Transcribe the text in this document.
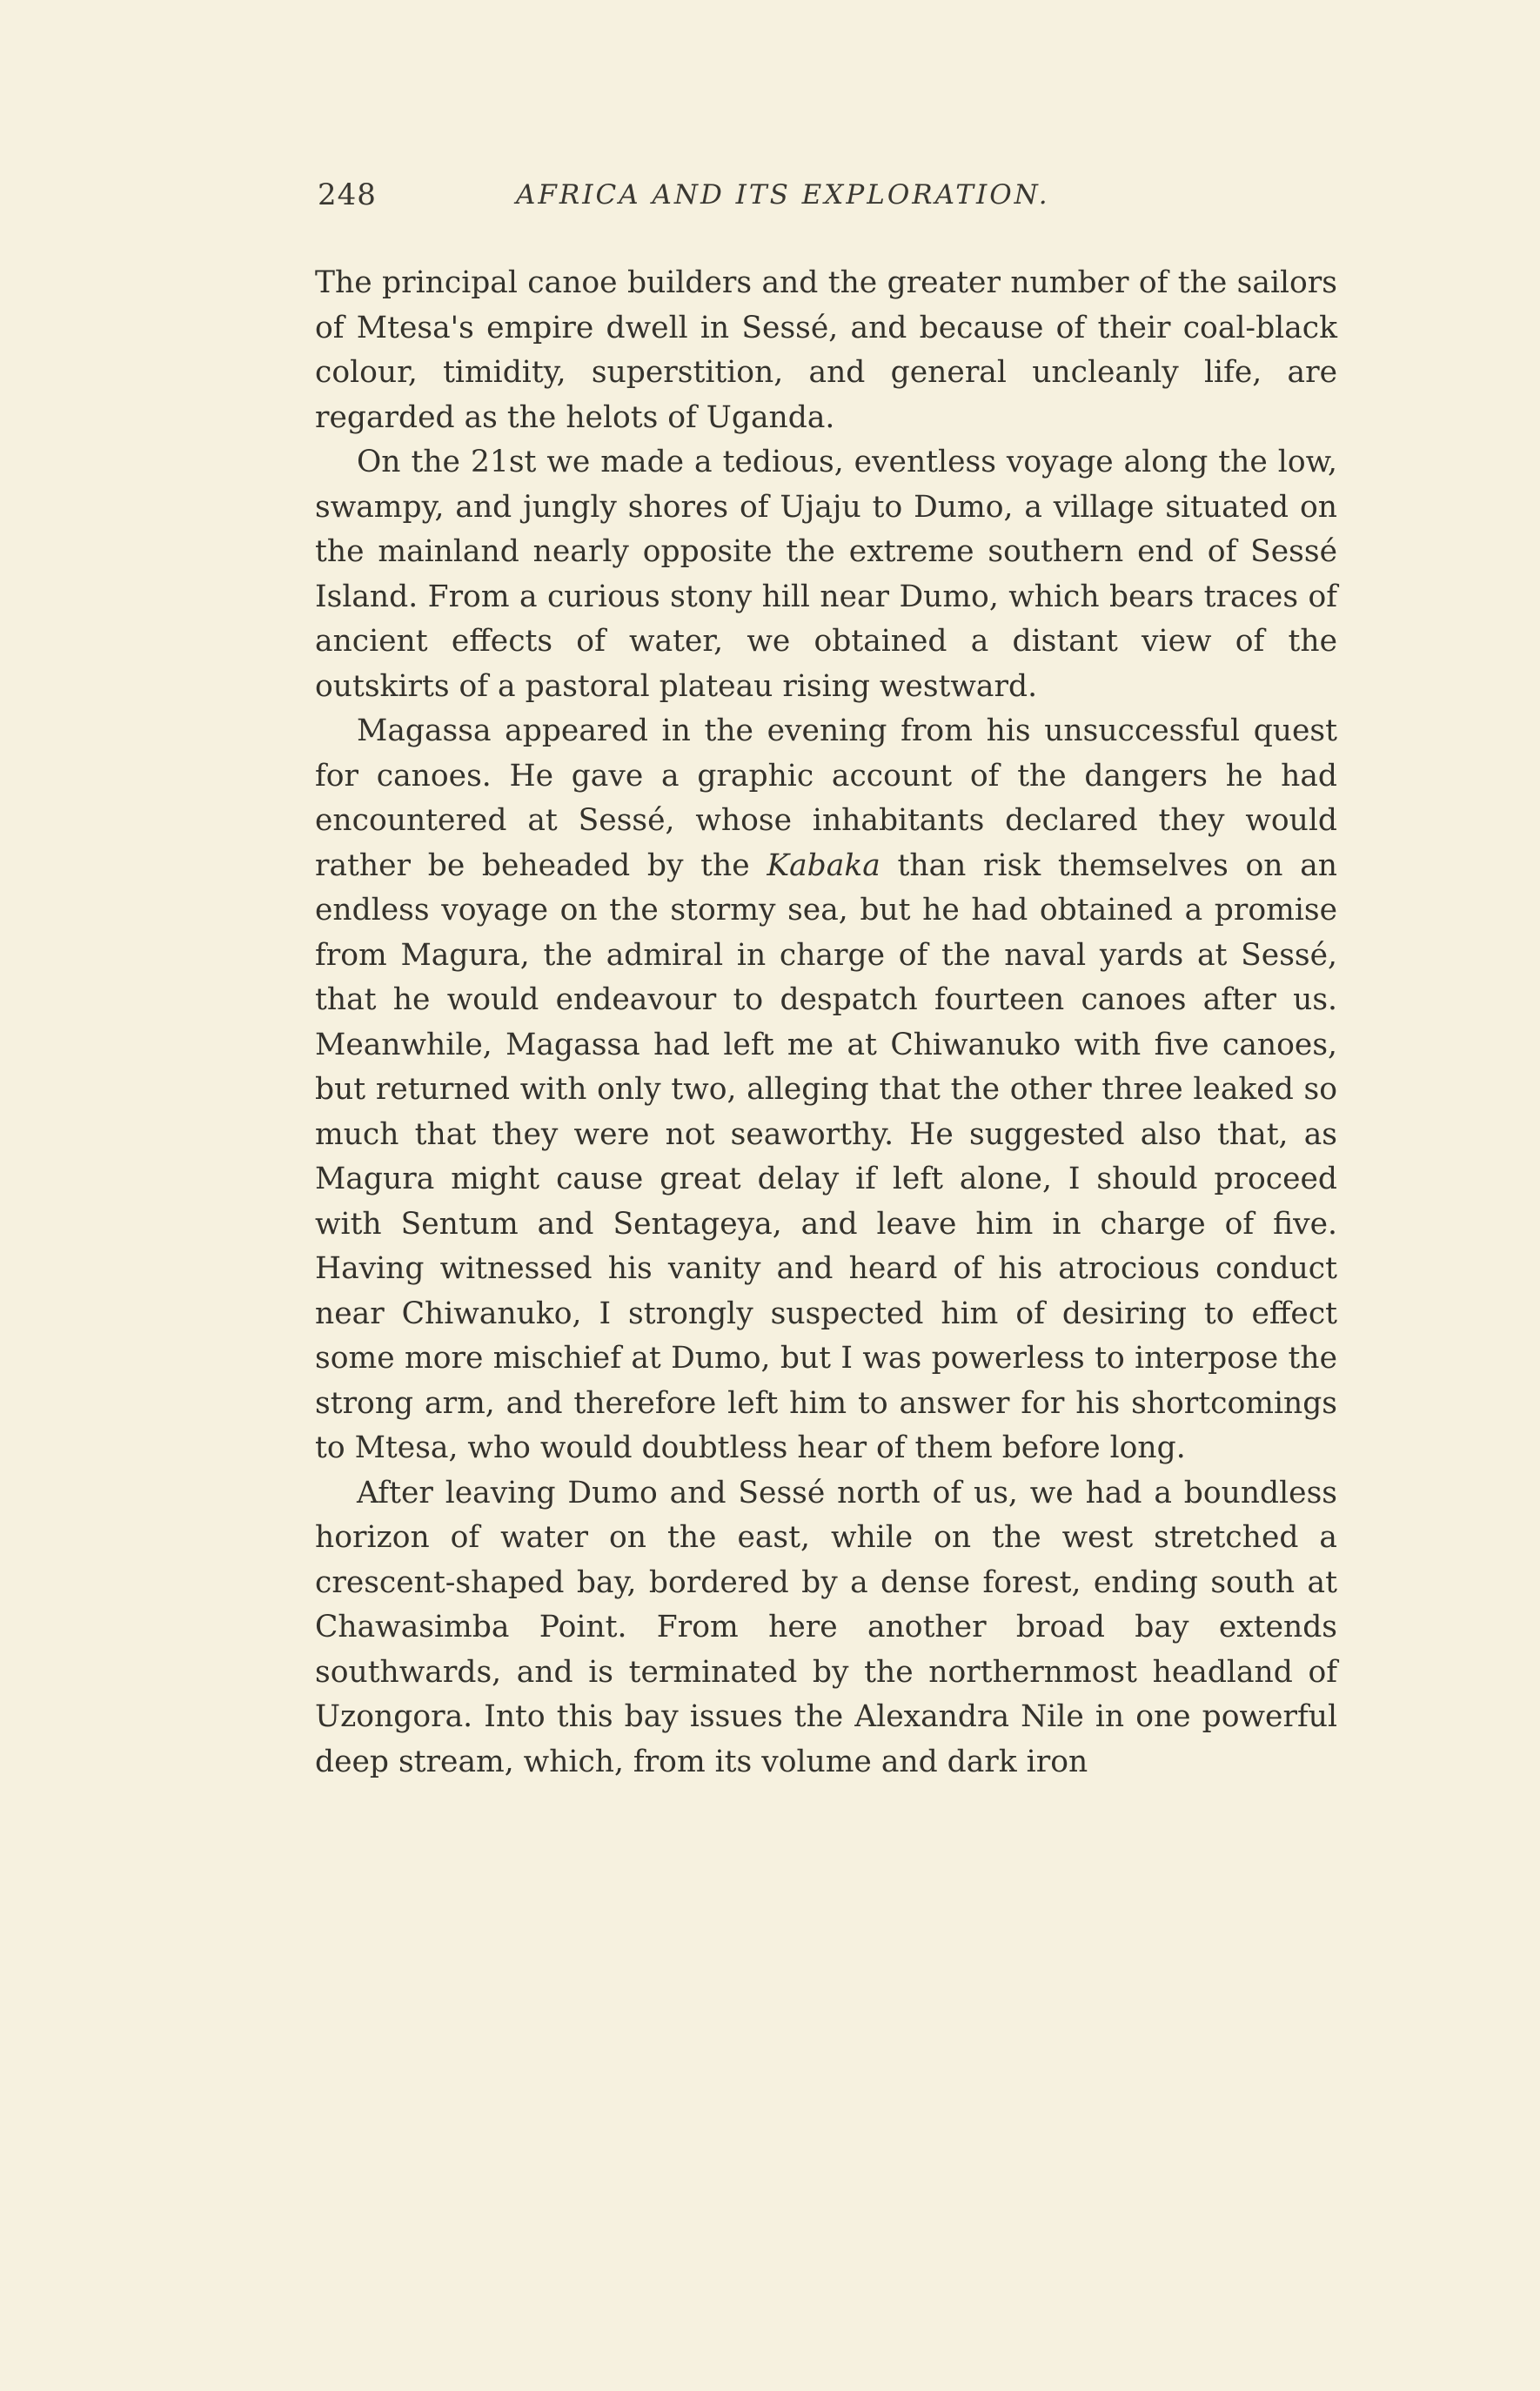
248	AFRICA AND ITS EXPLORATION.

The principal canoe builders and the greater number of the sailors of Mtesa's empire dwell in Sessé, and because of their coal-black colour, timidity, superstition, and general uncleanly life, are regarded as the helots of Uganda.

On the 21st we made a tedious, eventless voyage along the low, swampy, and jungly shores of Ujaju to Dumo, a village situated on the mainland nearly opposite the extreme southern end of Sessé Island. From a curious stony hill near Dumo, which bears traces of ancient effects of water, we obtained a distant view of the outskirts of a pastoral plateau rising westward.

Magassa appeared in the evening from his unsuccessful quest for canoes. He gave a graphic account of the dangers he had encountered at Sessé, whose inhabitants declared they would rather be beheaded by the Kabaka than risk themselves on an endless voyage on the stormy sea, but he had obtained a promise from Magura, the admiral in charge of the naval yards at Sessé, that he would endeavour to despatch fourteen canoes after us. Meanwhile, Magassa had left me at Chiwanuko with five canoes, but returned with only two, alleging that the other three leaked so much that they were not seaworthy. He suggested also that, as Magura might cause great delay if left alone, I should proceed with Sentum and Sentageya, and leave him in charge of five. Having witnessed his vanity and heard of his atrocious conduct near Chiwanuko, I strongly suspected him of desiring to effect some more mischief at Dumo, but I was powerless to interpose the strong arm, and therefore left him to answer for his shortcomings to Mtesa, who would doubtless hear of them before long.

After leaving Dumo and Sessé north of us, we had a boundless horizon of water on the east, while on the west stretched a crescent-shaped bay, bordered by a dense forest, ending south at Chawasimba Point. From here another broad bay extends southwards, and is terminated by the northernmost headland of Uzongora. Into this bay issues the Alexandra Nile in one powerful deep stream, which, from its volume and dark iron
